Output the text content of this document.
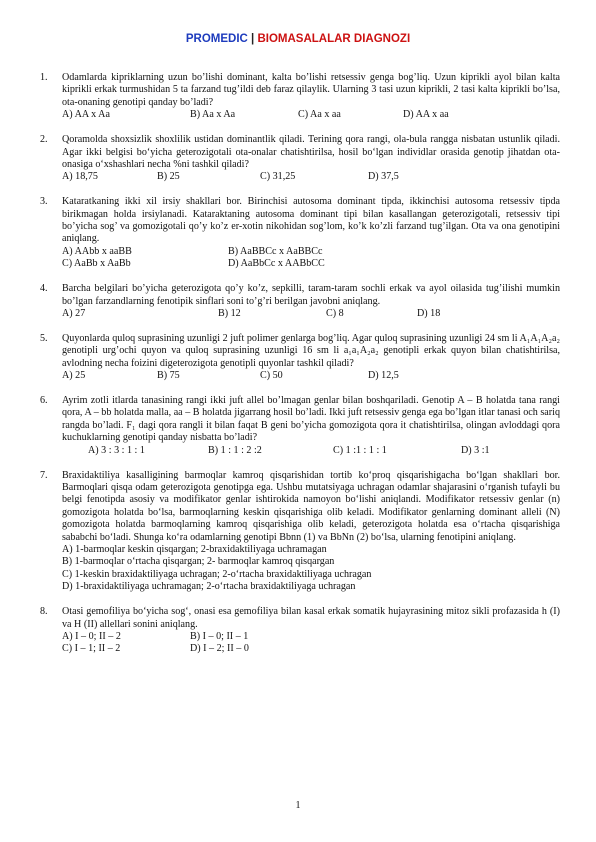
PROMEDIC | BIOMASALALAR DIAGNOZI
1. Odamlarda kipriklarning uzun bo’lishi dominant, kalta bo’lishi retsessiv genga bog’liq. Uzun kiprikli ayol bilan kalta kiprikli erkak turmushidan 5 ta farzand tug’ildi deb faraz qilaylik. Ularning 3 tasi uzun kiprikli, 2 tasi kalta kiprikli bo’lsa, ota-onaning genotipi qanday bo’ladi?
A) AA x Aa	B) Aa x Aa	C) Aa x aa	D) AA x aa
2. Qoramolda shoxsizlik shoxlilik ustidan dominantlik qiladi. Terining qora rangi, ola-bula rangga nisbatan ustunlik qiladi. Agar ikki belgisi bo‘yicha geterozigotali ota-onalar chatishtirilsa, hosil bo‘lgan individlar orasida genotip jihatdan ota-onasiga o‘xshashlari necha %ni tashkil qiladi?
A) 18,75	B) 25	C) 31,25	D) 37,5
3. Kataratkaning ikki xil irsiy shakllari bor. Birinchisi autosoma dominant tipda, ikkinchisi autosoma retsessiv tipda birikmagan holda irsiylanadi. Kataraktaning autosoma dominant tipi bilan kasallangan geterozigotali, retsessiv tipi bo’yicha sog’ va gomozigotali qo’y ko’z er-xotin nikohidan sog’lom, ko’k ko’zli farzand tug’ilgan. Ota va ona genotipini aniqlang.
A) AAbb x aaBB	B) AaBBCc x AaBBCc
C) AaBb x AaBb	D) AaBbCc x AABbCC
4. Barcha belgilari bo’yicha geterozigota qo’y ko’z, sepkilli, taram-taram sochli erkak va ayol oilasida tug’ilishi mumkin bo’lgan farzandlarning fenotipik sinflari soni to’g’ri berilgan javobni aniqlang.
A) 27	B) 12	C) 8	D) 18
5. Quyonlarda quloq suprasining uzunligi 2 juft polimer genlarga bog’liq. Agar quloq suprasining uzunligi 24 sm li A₁A₁A₂a₂ genotipli urg’ochi quyon va quloq suprasining uzunligi 16 sm li a₁a₁A₂a₂ genotipli erkak quyon bilan chatishtirilsa, avlodning necha foizini digeterozigota genotipli quyonlar tashkil qiladi?
A) 25	B) 75	C) 50	D) 12,5
6. Ayrim zotli itlarda tanasining rangi ikki juft allel bo’lmagan genlar bilan boshqariladi. Genotip A – B holatda tana rangi qora, A – bb holatda malla, aa – B holatda jigarrang hosil bo’ladi. Ikki juft retsessiv genga ega bo’lgan itlar tanasi och sariq rangda bo’ladi. F₁ dagi qora rangli it bilan faqat B geni bo’yicha gomozigota qora it chatishtirilsa, olingan avloddagi qora kuchuklarning genotipi qanday nisbatta bo’ladi?
A) 3 : 3 : 1 : 1	B) 1 : 1 : 2 :2	C) 1 :1 : 1 : 1	D) 3 :1
7. Braxidaktiliya kasalligining barmoqlar kamroq qisqarishidan tortib ko‘proq qisqarishigacha bo‘lgan shakllari bor. Barmoqlari qisqa odam geterozigota genotipga ega. Ushbu mutatsiyaga uchragan odamlar shajarasini o‘rganish tufayli bu belgi fenotipda asosiy va modifikator genlar ishtirokida namoyon bo‘lishi aniqlandi. Modifikator retsessiv genlar (n) gomozigota holatda bo‘lsa, barmoqlarning keskin qisqarishiga olib keladi. Modifikator genlarning dominant alleli (N) gomozigota holatda barmoqlarning kamroq qisqarishiga olib keladi, geterozigota holatda esa o‘rtacha qisqarishiga sababchi bo‘ladi. Shunga ko‘ra odamlarning genotipi Bbnn (1) va BbNn (2) bo‘lsa, ularning fenotipini aniqlang.
A) 1-barmoqlar keskin qisqargan; 2-braxidaktiliyaga uchramagan
B) 1-barmoqlar o‘rtacha qisqargan; 2- barmoqlar kamroq qisqargan
C) 1-keskin braxidaktiliyaga uchragan; 2-o‘rtacha braxidaktiliyaga uchragan
D) 1-braxidaktiliyaga uchramagan; 2-o‘rtacha braxidaktiliyaga uchragan
8. Otasi gemofiliya bo‘yicha sog‘, onasi esa gemofiliya bilan kasal erkak somatik hujayrasining mitoz sikli profazasida h (I) va H (II) allellari sonini aniqlang.
A) I – 0; II – 2	B) I – 0; II – 1
C) I – 1; II – 2	D) I – 2; II – 0
1
